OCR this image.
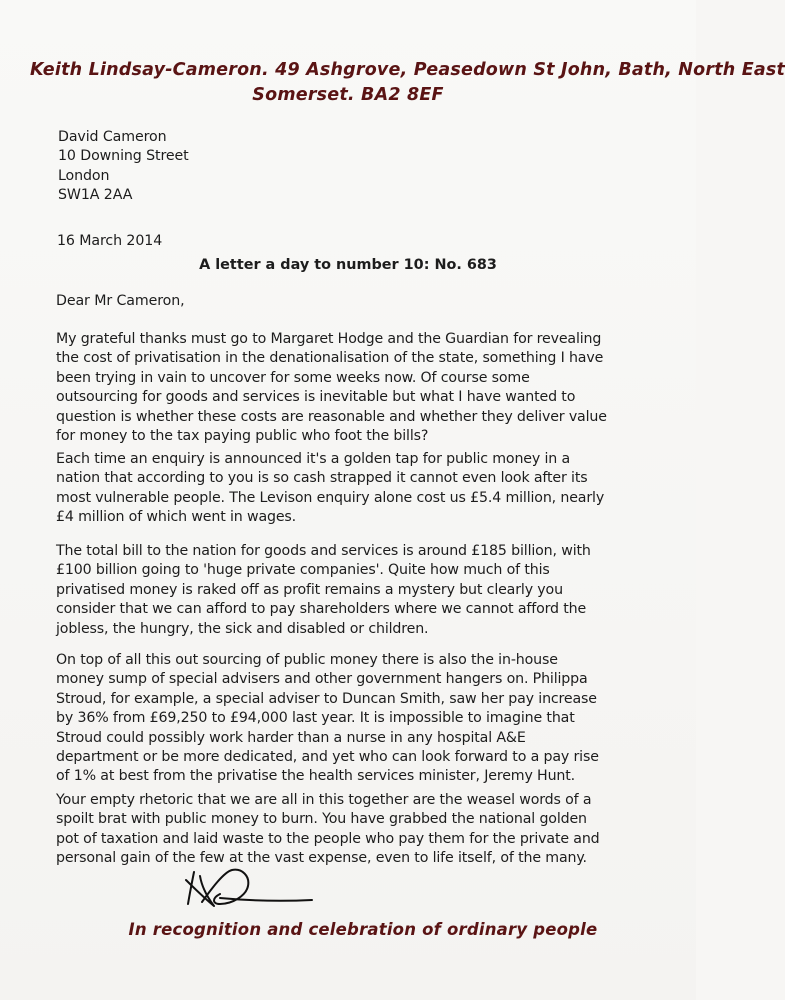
Keith Lindsay-Cameron. 49 Ashgrove, Peasedown St John, Bath, North East
Somerset. BA2 8EF
David Cameron
10 Downing Street
London
SW1A 2AA
16 March 2014
A letter a day to number 10: No. 683
Dear Mr Cameron,
My grateful thanks must go to Margaret Hodge and the Guardian for revealing
the cost of privatisation in the denationalisation of the state, something I have
been trying in vain to uncover for some weeks now. Of course some
outsourcing for goods and services is inevitable but what I have wanted to
question is whether these costs are reasonable and whether they deliver value
for money to the tax paying public who foot the bills?
Each time an enquiry is announced it's a golden tap for public money in a
nation that according to you is so cash strapped it cannot even look after its
most vulnerable people. The Levison enquiry alone cost us £5.4 million, nearly
£4 million of which went in wages.
The total bill to the nation for goods and services is around £185 billion, with
£100 billion going to 'huge private companies'. Quite how much of this
privatised money is raked off as profit remains a mystery but clearly you
consider that we can afford to pay shareholders where we cannot afford the
jobless, the hungry, the sick and disabled or children.
On top of all this out sourcing of public money there is also the in-house
money sump of special advisers and other government hangers on. Philippa
Stroud, for example, a special adviser to Duncan Smith, saw her pay increase
by 36% from £69,250 to £94,000 last year. It is impossible to imagine that
Stroud could possibly work harder than a nurse in any hospital A&E
department or be more dedicated, and yet who can look forward to a pay rise
of 1% at best from the privatise the health services minister, Jeremy Hunt.
Your empty rhetoric that we are all in this together are the weasel words of a
spoilt brat with public money to burn. You have grabbed the national golden
pot of taxation and laid waste to the people who pay them for the private and
personal gain of the few at the vast expense, even to life itself, of the many.
In recognition and celebration of ordinary people
